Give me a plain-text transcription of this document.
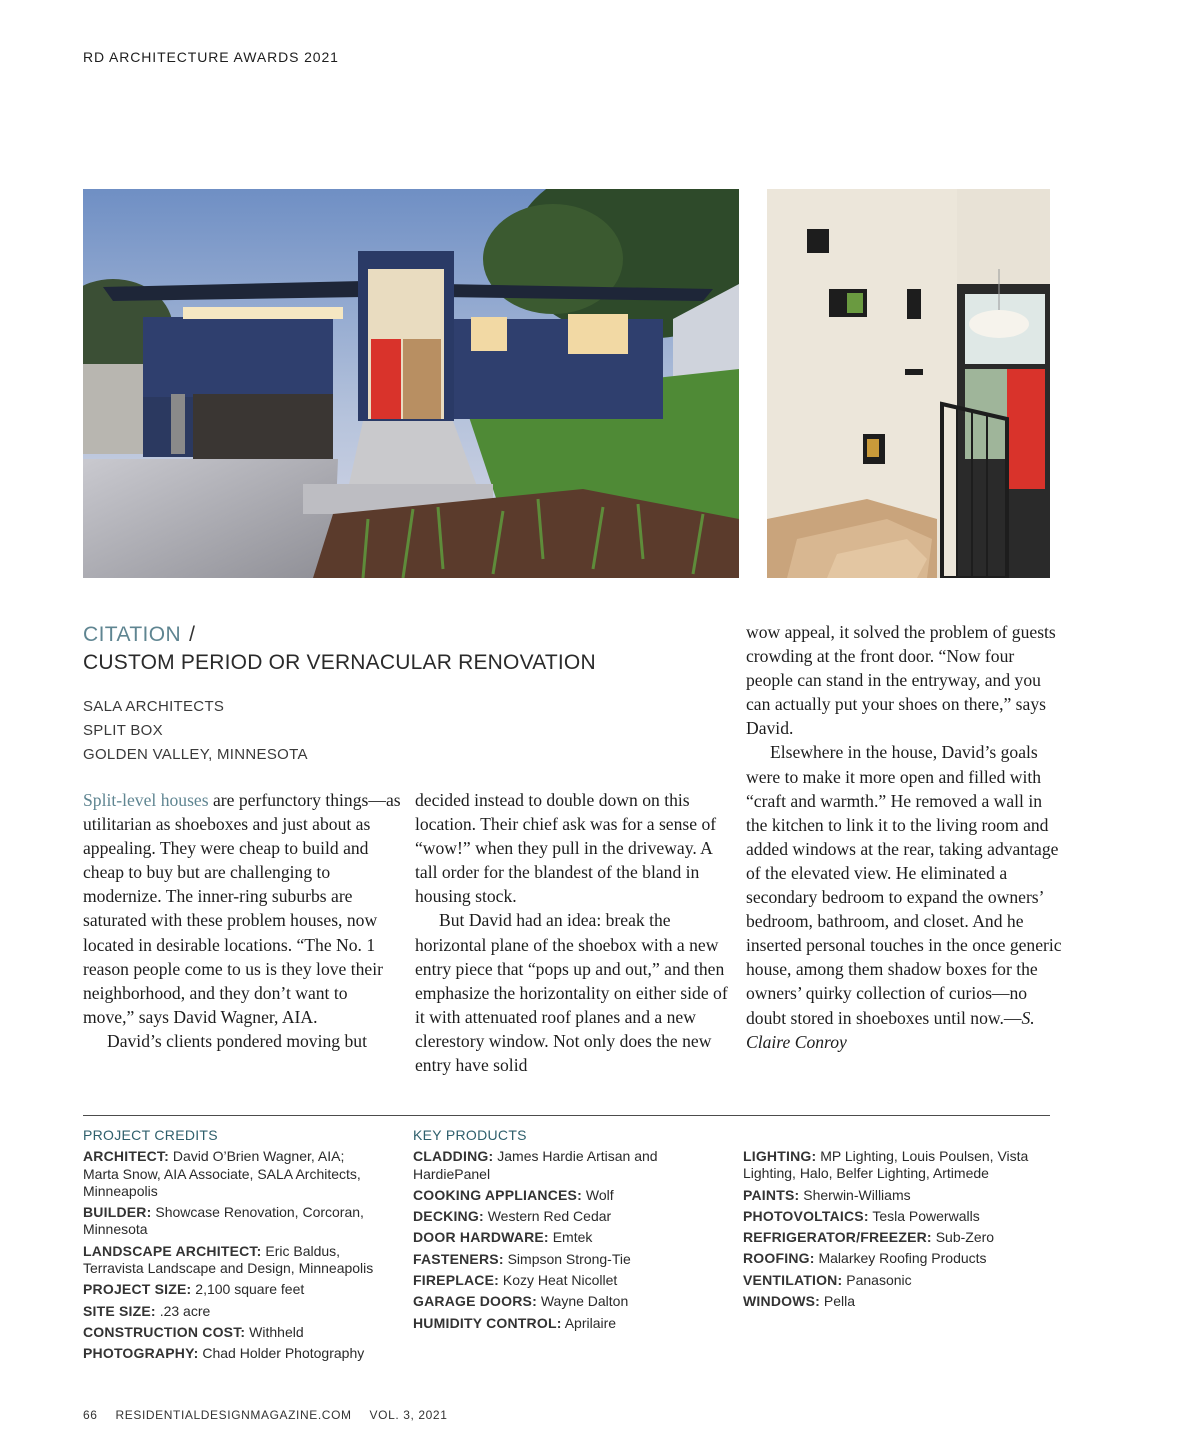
RD ARCHITECTURE AWARDS 2021
CITATION /
CUSTOM PERIOD OR VERNACULAR RENOVATION
SALA ARCHITECTS
SPLIT BOX
GOLDEN VALLEY, MINNESOTA

Split-level houses are perfunctory things—as utilitarian as shoeboxes and just about as appealing. They were cheap to build and cheap to buy but are challenging to modernize. The inner-ring suburbs are saturated with these problem houses, now located in desirable locations. “The No. 1 reason people come to us is they love their neighborhood, and they don’t want to move,” says David Wagner, AIA.

David’s clients pondered moving but

decided instead to double down on this location. Their chief ask was for a sense of “wow!” when they pull in the driveway. A tall order for the blandest of the bland in housing stock.

But David had an idea: break the horizontal plane of the shoebox with a new entry piece that “pops up and out,” and then emphasize the horizontality on either side of it with attenuated roof planes and a new clerestory window. Not only does the new entry have solid

wow appeal, it solved the problem of guests crowding at the front door. “Now four people can stand in the entryway, and you can actually put your shoes on there,” says David.

Elsewhere in the house, David’s goals were to make it more open and filled with “craft and warmth.” He removed a wall in the kitchen to link it to the living room and added windows at the rear, taking advantage of the elevated view. He eliminated a secondary bedroom to expand the owners’ bedroom, bathroom, and closet. And he inserted personal touches in the once generic house, among them shadow boxes for the owners’ quirky collection of curios—no doubt stored in shoeboxes until now.—S. Claire Conroy

PROJECT CREDITS
ARCHITECT: David O’Brien Wagner, AIA; Marta Snow, AIA Associate, SALA Architects, Minneapolis
BUILDER: Showcase Renovation, Corcoran, Minnesota
LANDSCAPE ARCHITECT: Eric Baldus, Terravista Landscape and Design, Minneapolis
PROJECT SIZE: 2,100 square feet
SITE SIZE: .23 acre
CONSTRUCTION COST: Withheld
PHOTOGRAPHY: Chad Holder Photography
KEY PRODUCTS
CLADDING: James Hardie Artisan and HardiePanel
COOKING APPLIANCES: Wolf
DECKING: Western Red Cedar
DOOR HARDWARE: Emtek
FASTENERS: Simpson Strong-Tie
FIREPLACE: Kozy Heat Nicollet
GARAGE DOORS: Wayne Dalton
HUMIDITY CONTROL: Aprilaire
LIGHTING: MP Lighting, Louis Poulsen, Vista Lighting, Halo, Belfer Lighting, Artimede
PAINTS: Sherwin-Williams
PHOTOVOLTAICS: Tesla Powerwalls
REFRIGERATOR/FREEZER: Sub-Zero
ROOFING: Malarkey Roofing Products
VENTILATION: Panasonic
WINDOWS: Pella
66 RESIDENTIALDESIGNMAGAZINE.COM VOL. 3, 2021
